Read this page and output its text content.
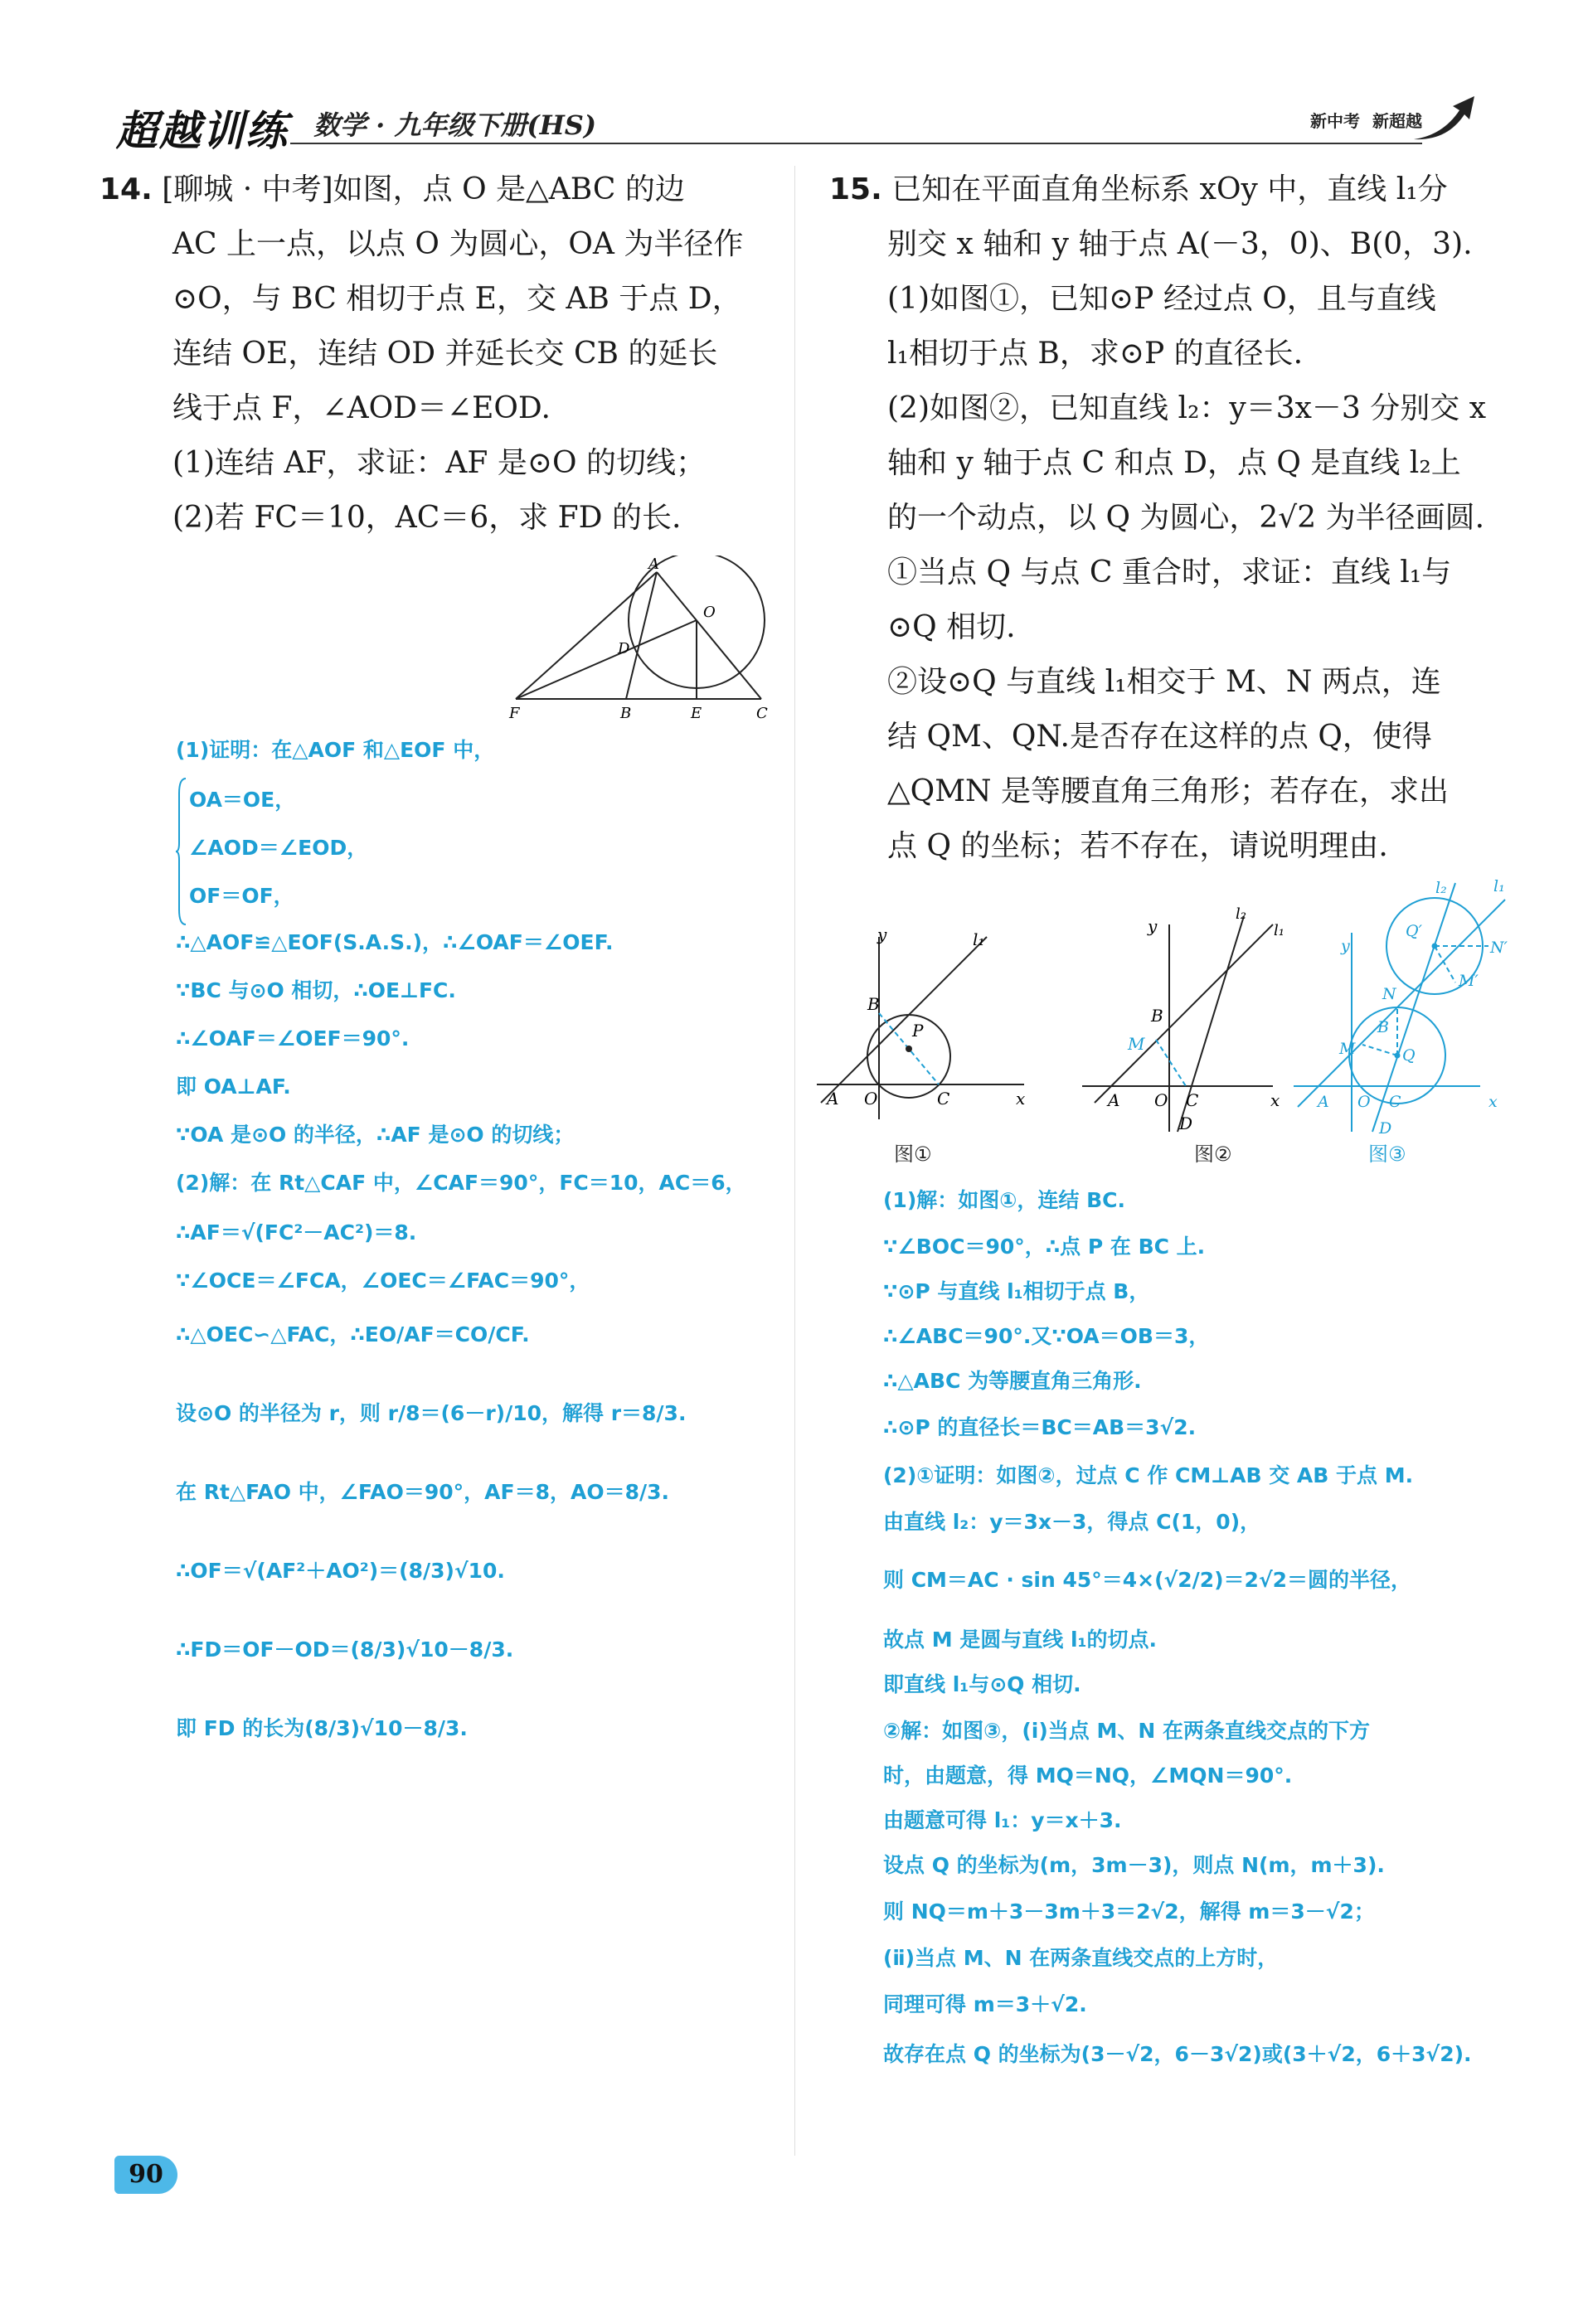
超越训练 数学 · 九年级下册(HS)	新中考 新超越

14. [聊城 · 中考]如图，点 O 是△ABC 的边

AC 上一点，以点 O 为圆心，OA 为半径作

⊙O，与 BC 相切于点 E，交 AB 于点 D，

连结 OE，连结 OD 并延长交 CB 的延长

线于点 F，∠AOD＝∠EOD.

(1)连结 AF，求证：AF 是⊙O 的切线；

(2)若 FC＝10，AC＝6，求 FD 的长.

A
O
D
F	B	E	C

(1)证明：在△AOF 和△EOF 中，

OA＝OE，

∠AOD＝∠EOD，

OF＝OF，

∴△AOF≌△EOF(S.A.S.)，∴∠OAF＝∠OEF.

∵BC 与⊙O 相切，∴OE⊥FC.

∴∠OAF＝∠OEF＝90°.

即 OA⊥AF.

∵OA 是⊙O 的半径，∴AF 是⊙O 的切线；

(2)解：在 Rt△CAF 中，∠CAF＝90°，FC＝10，AC＝6，

∴AF＝√(FC²－AC²)＝8.

∵∠OCE＝∠FCA，∠OEC＝∠FAC＝90°，

∴△OEC∽△FAC，∴EO/AF＝CO/CF.

设⊙O 的半径为 r，则 r/8＝(6－r)/10，解得 r＝8/3.

在 Rt△FAO 中，∠FAO＝90°，AF＝8，AO＝8/3.

∴OF＝√(AF²＋AO²)＝(8/3)√10.

∴FD＝OF－OD＝(8/3)√10－8/3.

即 FD 的长为(8/3)√10－8/3.

15. 已知在平面直角坐标系 xOy 中，直线 l₁分

别交 x 轴和 y 轴于点 A(－3，0)、B(0，3).

(1)如图①，已知⊙P 经过点 O，且与直线

l₁相切于点 B，求⊙P 的直径长.

(2)如图②，已知直线 l₂：y＝3x－3 分别交 x

轴和 y 轴于点 C 和点 D，点 Q 是直线 l₂上

的一个动点，以 Q 为圆心，2√2 为半径画圆.

①当点 Q 与点 C 重合时，求证：直线 l₁与

⊙Q 相切.

②设⊙Q 与直线 l₁相交于 M、N 两点，连

结 QM、QN.是否存在这样的点 Q，使得

△QMN 是等腰直角三角形；若存在，求出

点 Q 的坐标；若不存在，请说明理由.

y
x
l₁
B
P
A O	C
图①
y
x
l₂
l₁
B
M
A O C
D
图②
y
x
l₂	l₁
Q′
N′
M′
N
M
B
Q
A O C
D
图③

(1)解：如图①，连结 BC.

∵∠BOC＝90°，∴点 P 在 BC 上.

∵⊙P 与直线 l₁相切于点 B，

∴∠ABC＝90°.又∵OA＝OB＝3，

∴△ABC 为等腰直角三角形.

∴⊙P 的直径长＝BC＝AB＝3√2.

(2)①证明：如图②，过点 C 作 CM⊥AB 交 AB 于点 M.

由直线 l₂：y＝3x－3，得点 C(1，0)，

则 CM＝AC · sin 45°＝4×(√2/2)＝2√2＝圆的半径，

故点 M 是圆与直线 l₁的切点.

即直线 l₁与⊙Q 相切.

②解：如图③，(ⅰ)当点 M、N 在两条直线交点的下方

时，由题意，得 MQ＝NQ，∠MQN＝90°.

由题意可得 l₁：y＝x＋3.

设点 Q 的坐标为(m，3m－3)，则点 N(m，m＋3).

则 NQ＝m＋3－3m＋3＝2√2，解得 m＝3－√2；

(ⅱ)当点 M、N 在两条直线交点的上方时，

同理可得 m＝3＋√2.

故存在点 Q 的坐标为(3－√2，6－3√2)或(3＋√2，6＋3√2).

90
